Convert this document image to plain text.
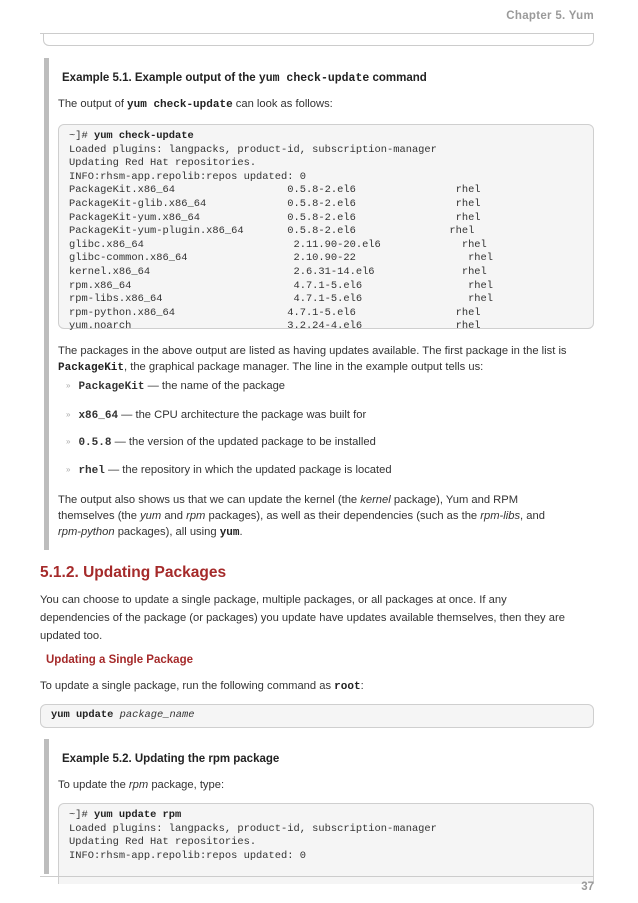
Chapter 5. Yum
Example 5.1. Example output of the yum check-update command
The output of yum check-update can look as follows:
~]# yum check-update
Loaded plugins: langpacks, product-id, subscription-manager
Updating Red Hat repositories.
INFO:rhsm-app.repolib:repos updated: 0
PackageKit.x86_64                  0.5.8-2.el6                rhel
PackageKit-glib.x86_64             0.5.8-2.el6                rhel
PackageKit-yum.x86_64              0.5.8-2.el6                rhel
PackageKit-yum-plugin.x86_64       0.5.8-2.el6               rhel
glibc.x86_64                        2.11.90-20.el6             rhel
glibc-common.x86_64                 2.10.90-22                  rhel
kernel.x86_64                       2.6.31-14.el6              rhel
rpm.x86_64                          4.7.1-5.el6                 rhel
rpm-libs.x86_64                     4.7.1-5.el6                 rhel
rpm-python.x86_64                  4.7.1-5.el6                rhel
yum.noarch                         3.2.24-4.el6               rhel
The packages in the above output are listed as having updates available. The first package in the list is
PackageKit, the graphical package manager. The line in the example output tells us:
» PackageKit — the name of the package
» x86_64 — the CPU architecture the package was built for
» 0.5.8 — the version of the updated package to be installed
» rhel — the repository in which the updated package is located
The output also shows us that we can update the kernel (the kernel package), Yum and RPM
themselves (the yum and rpm packages), as well as their dependencies (such as the rpm-libs, and
rpm-python packages), all using yum.
5.1.2. Updating Packages
You can choose to update a single package, multiple packages, or all packages at once. If any
dependencies of the package (or packages) you update have updates available themselves, then they are
updated too.
Updating a Single Package
To update a single package, run the following command as root:
yum update package_name
Example 5.2. Updating the rpm package
To update the rpm package, type:
~]# yum update rpm
Loaded plugins: langpacks, product-id, subscription-manager
Updating Red Hat repositories.
INFO:rhsm-app.repolib:repos updated: 0
37
